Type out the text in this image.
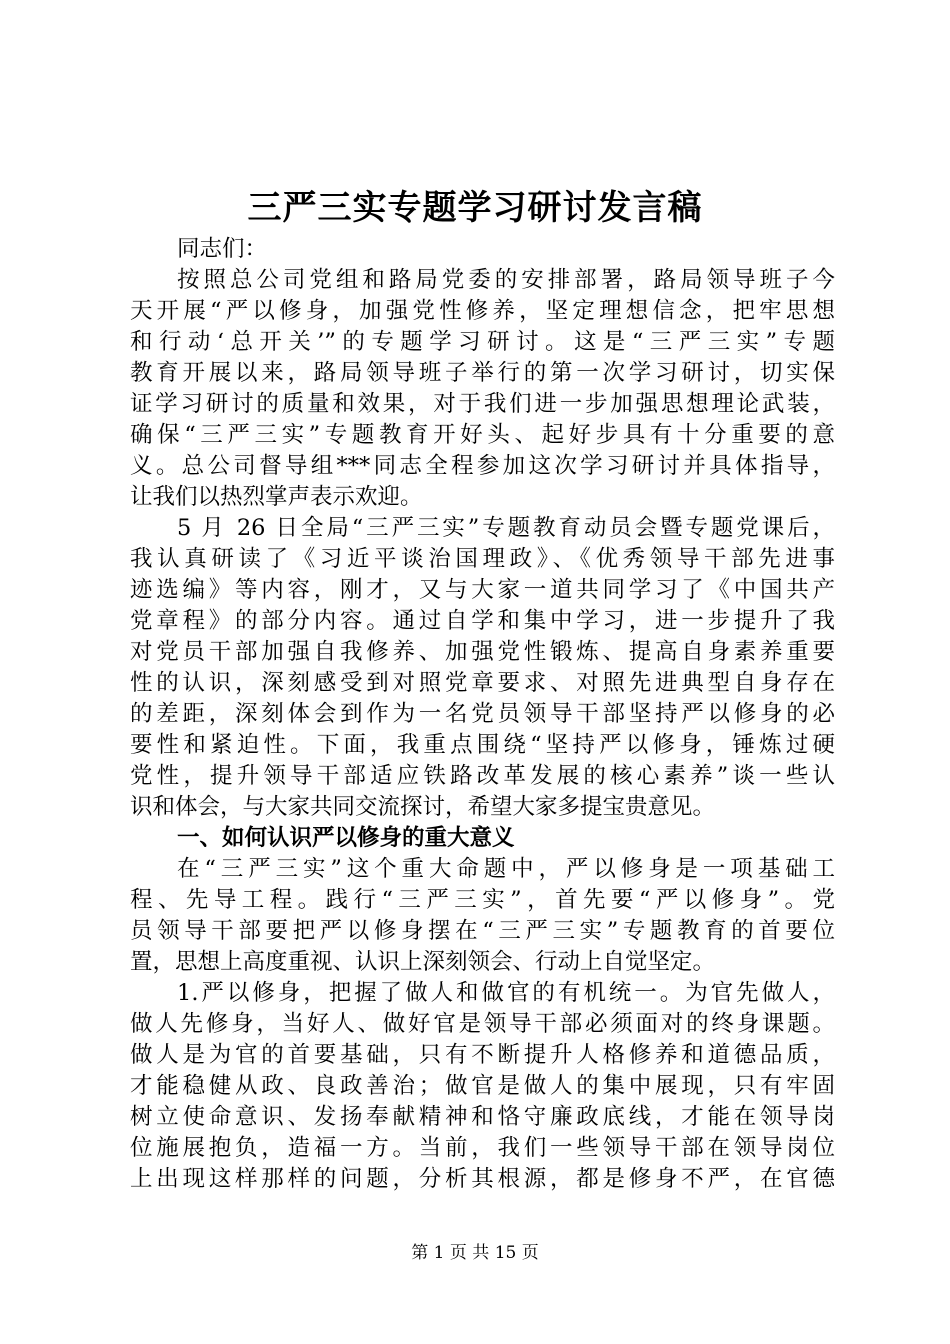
三严三实专题学习研讨发言稿
同志们：
按照总公司党组和路局党委的安排部署，路局领导班子今
天开展“严以修身，加强党性修养，坚定理想信念，把牢思想
和行动‘总开关’”的专题学习研讨。这是“三严三实”专题
教育开展以来，路局领导班子举行的第一次学习研讨，切实保
证学习研讨的质量和效果，对于我们进一步加强思想理论武装，
确保“三严三实”专题教育开好头、起好步具有十分重要的意
义。总公司督导组***同志全程参加这次学习研讨并具体指导，
让我们以热烈掌声表示欢迎。
5 月 26 日全局“三严三实”专题教育动员会暨专题党课后，
我认真研读了《习近平谈治国理政》、《优秀领导干部先进事
迹选编》等内容，刚才，又与大家一道共同学习了《中国共产
党章程》的部分内容。通过自学和集中学习，进一步提升了我
对党员干部加强自我修养、加强党性锻炼、提高自身素养重要
性的认识，深刻感受到对照党章要求、对照先进典型自身存在
的差距，深刻体会到作为一名党员领导干部坚持严以修身的必
要性和紧迫性。下面，我重点围绕“坚持严以修身，锤炼过硬
党性，提升领导干部适应铁路改革发展的核心素养”谈一些认
识和体会，与大家共同交流探讨，希望大家多提宝贵意见。
一、如何认识严以修身的重大意义
在“三严三实”这个重大命题中，严以修身是一项基础工
程、先导工程。践行“三严三实”，首先要“严以修身”。党
员领导干部要把严以修身摆在“三严三实”专题教育的首要位
置，思想上高度重视、认识上深刻领会、行动上自觉坚定。
1.严以修身，把握了做人和做官的有机统一。为官先做人，
做人先修身，当好人、做好官是领导干部必须面对的终身课题。
做人是为官的首要基础，只有不断提升人格修养和道德品质，
才能稳健从政、良政善治；做官是做人的集中展现，只有牢固
树立使命意识、发扬奉献精神和恪守廉政底线，才能在领导岗
位施展抱负，造福一方。当前，我们一些领导干部在领导岗位
上出现这样那样的问题，分析其根源，都是修身不严，在官德
第 1 页 共 15 页
